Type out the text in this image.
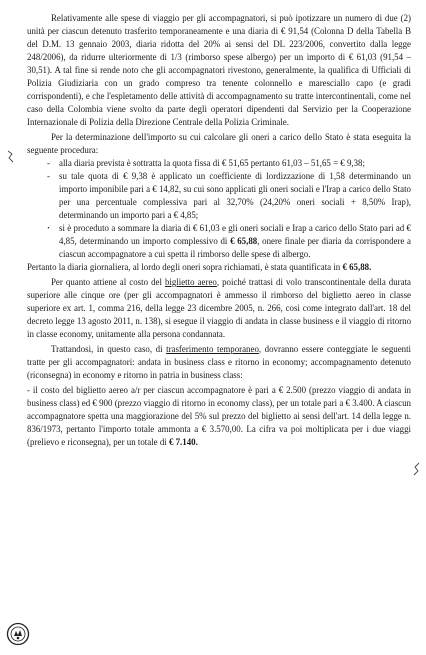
Relativamente alle spese di viaggio per gli accompagnatori, si può ipotizzare un numero di due (2) unità per ciascun detenuto trasferito temporaneamente e una diaria di € 91,54 (Colonna D della Tabella B del D.M. 13 gennaio 2003, diaria ridotta del 20% ai sensi del DL 223/2006, convertito dalla legge 248/2006), da ridurre ulteriormente di 1/3 (rimborso spese albergo) per un importo di € 61,03 (91,54 – 30,51). A tal fine si rende noto che gli accompagnatori rivestono, generalmente, la qualifica di Ufficiali di Polizia Giudiziaria con un grado compreso tra tenente colonnello e maresciallo capo (e gradi corrispondenti), e che l'espletamento delle attività di accompagnamento su tratte intercontinentali, come nel caso della Colombia viene svolto da parte degli operatori dipendenti dal Servizio per la Cooperazione Internazionale di Polizia della Direzione Centrale della Polizia Criminale.

Per la determinazione dell'importo su cui calcolare gli oneri a carico dello Stato è stata eseguita la seguente procedura:

- alla diaria prevista è sottratta la quota fissa di € 51,65 pertanto 61,03 – 51,65 = € 9,38;
- su tale quota di € 9,38 è applicato un coefficiente di lordizzazione di 1,58 determinando un importo imponibile pari a € 14,82, su cui sono applicati gli oneri sociali e l'Irap a carico dello Stato per una percentuale complessiva pari al 32,70% (24,20% oneri sociali + 8,50% Irap), determinando un importo pari a € 4,85;
· si è proceduto a sommare la diaria di € 61,03 e gli oneri sociali e Irap a carico dello Stato pari ad € 4,85, determinando un importo complessivo di € 65,88, onere finale per diaria da corrispondere a ciascun accompagnatore a cui spetta il rimborso delle spese di albergo.

Pertanto la diaria giornaliera, al lordo degli oneri sopra richiamati, è stata quantificata in € 65,88.

Per quanto attiene al costo del biglietto aereo, poiché trattasi di volo transcontinentale della durata superiore alle cinque ore (per gli accompagnatori è ammesso il rimborso del biglietto aereo in classe superiore ex art. 1, comma 216, della legge 23 dicembre 2005, n. 266, così come integrato dall'art. 18 del decreto legge 13 agosto 2011, n. 138), si esegue il viaggio di andata in classe business e il viaggio di ritorno in classe economy, unitamente alla persona condannata.

Trattandosi, in questo caso, di trasferimento temporaneo, dovranno essere conteggiate le seguenti tratte per gli accompagnatori: andata in business class e ritorno in economy; accompagnamento detenuto (riconsegna) in economy e ritorno in patria in business class:

- il costo del biglietto aereo a/r per ciascun accompagnatore è pari a € 2.500 (prezzo viaggio di andata in business class) ed € 900 (prezzo viaggio di ritorno in economy class), per un totale pari a € 3.400. A ciascun accompagnatore spetta una maggiorazione del 5% sul prezzo del biglietto ai sensi dell'art. 14 della legge n. 836/1973, pertanto l'importo totale ammonta a € 3.570,00. La cifra va poi moltiplicata per i due viaggi (prelievo e riconsegna), per un totale di € 7.140.
